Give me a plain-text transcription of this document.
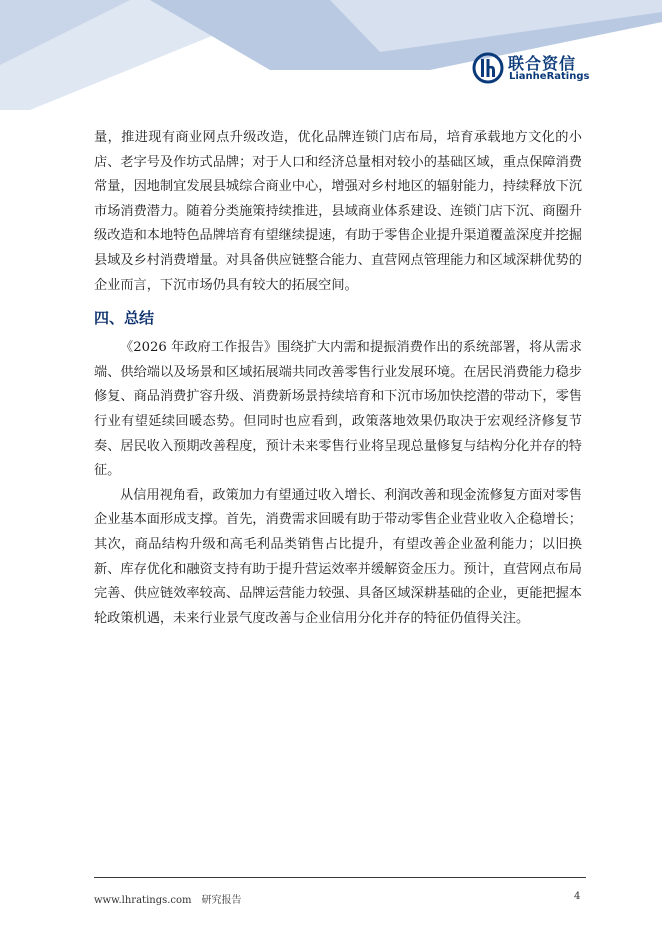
联合资信
LianheRatings

量，推进现有商业网点升级改造，优化品牌连锁门店布局，培育承载地方文化的小店、老字号及作坊式品牌；对于人口和经济总量相对较小的基础区域，重点保障消费常量，因地制宜发展县城综合商业中心，增强对乡村地区的辐射能力，持续释放下沉市场消费潜力。随着分类施策持续推进，县域商业体系建设、连锁门店下沉、商圈升级改造和本地特色品牌培育有望继续提速，有助于零售企业提升渠道覆盖深度并挖掘县域及乡村消费增量。对具备供应链整合能力、直营网点管理能力和区域深耕优势的企业而言，下沉市场仍具有较大的拓展空间。

四、总结

《2026 年政府工作报告》围绕扩大内需和提振消费作出的系统部署，将从需求端、供给端以及场景和区域拓展端共同改善零售行业发展环境。在居民消费能力稳步修复、商品消费扩容升级、消费新场景持续培育和下沉市场加快挖潜的带动下，零售行业有望延续回暖态势。但同时也应看到，政策落地效果仍取决于宏观经济修复节奏、居民收入预期改善程度，预计未来零售行业将呈现总量修复与结构分化并存的特征。

从信用视角看，政策加力有望通过收入增长、利润改善和现金流修复方面对零售企业基本面形成支撑。首先，消费需求回暖有助于带动零售企业营业收入企稳增长；其次，商品结构升级和高毛利品类销售占比提升，有望改善企业盈利能力；以旧换新、库存优化和融资支持有助于提升营运效率并缓解资金压力。预计，直营网点布局完善、供应链效率较高、品牌运营能力较强、具备区域深耕基础的企业，更能把握本轮政策机遇，未来行业景气度改善与企业信用分化并存的特征仍值得关注。

www.lhratings.com 研究报告	4
